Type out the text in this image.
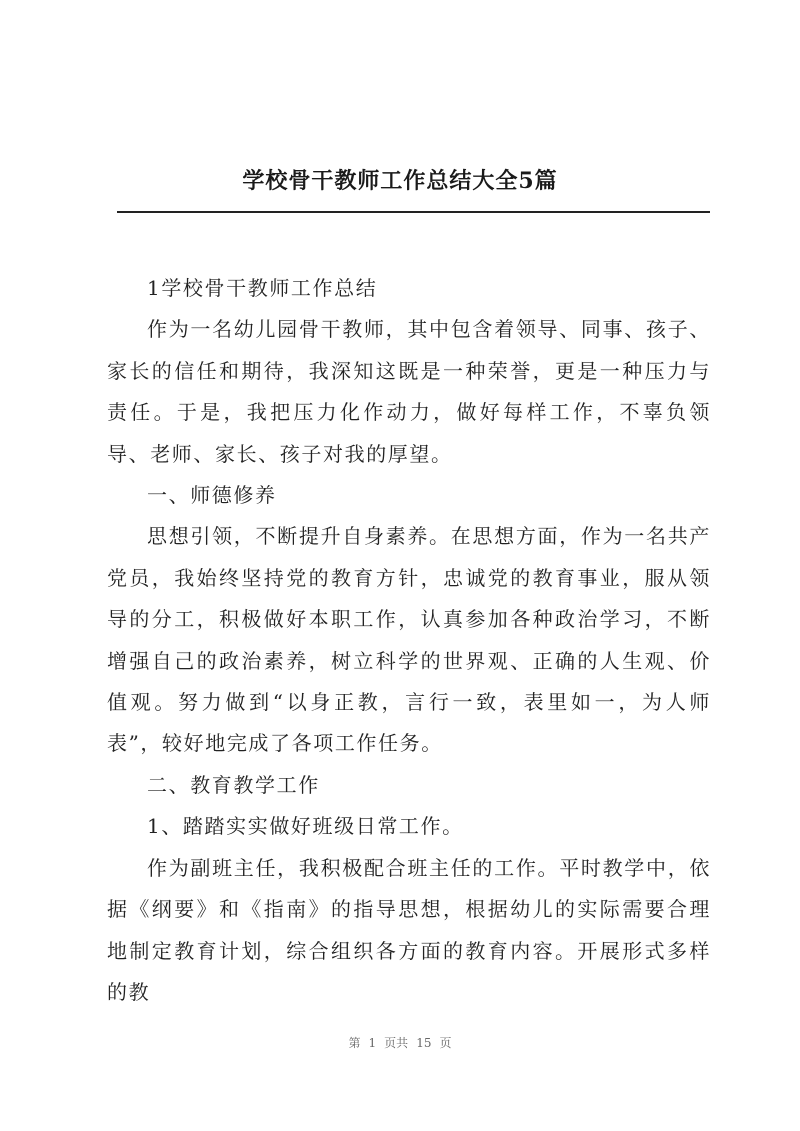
学校骨干教师工作总结大全5篇

1学校骨干教师工作总结

作为一名幼儿园骨干教师，其中包含着领导、同事、孩子、家长的信任和期待，我深知这既是一种荣誉，更是一种压力与责任。于是，我把压力化作动力，做好每样工作，不辜负领导、老师、家长、孩子对我的厚望。

一、师德修养

思想引领，不断提升自身素养。在思想方面，作为一名共产党员，我始终坚持党的教育方针，忠诚党的教育事业，服从领导的分工，积极做好本职工作，认真参加各种政治学习，不断增强自己的政治素养，树立科学的世界观、正确的人生观、价值观。努力做到“以身正教，言行一致，表里如一，为人师表”，较好地完成了各项工作任务。

二、教育教学工作

1、踏踏实实做好班级日常工作。

作为副班主任，我积极配合班主任的工作。平时教学中，依据《纲要》和《指南》的指导思想，根据幼儿的实际需要合理地制定教育计划，综合组织各方面的教育内容。开展形式多样的教

第 1 页共 15 页
